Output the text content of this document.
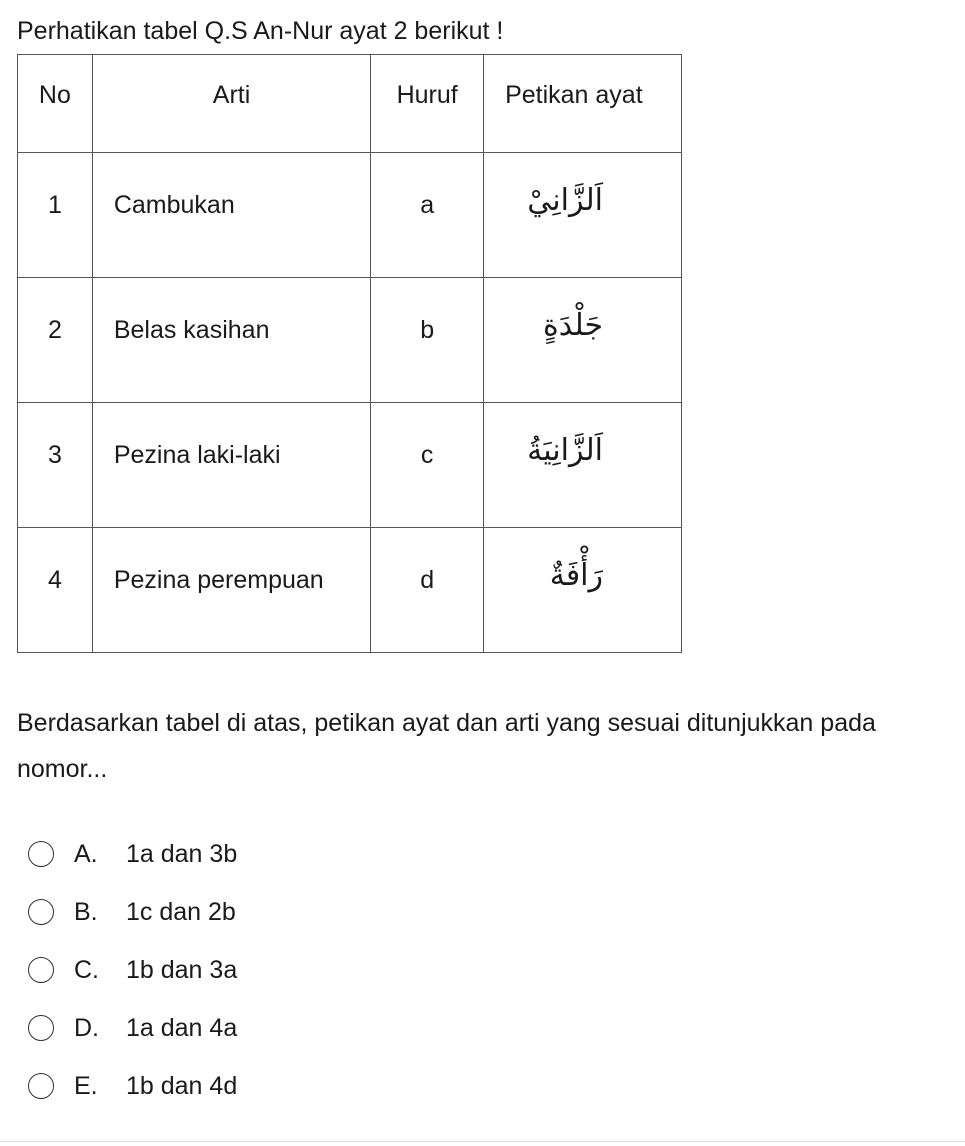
Perhatikan tabel Q.S An-Nur ayat 2 berikut !
No	Arti	Huruf	Petikan ayat
1	Cambukan	a	اَلزَّانِيْ
2	Belas kasihan	b	جَلْدَةٍ
3	Pezina laki-laki	c	اَلزَّانِيَةُ
4	Pezina perempuan	d	رَأْفَةٌ

Berdasarkan tabel di atas, petikan ayat dan arti yang sesuai ditunjukkan pada nomor...

A.	1a dan 3b
B.	1c dan 2b
C.	1b dan 3a
D.	1a dan 4a
E.	1b dan 4d
